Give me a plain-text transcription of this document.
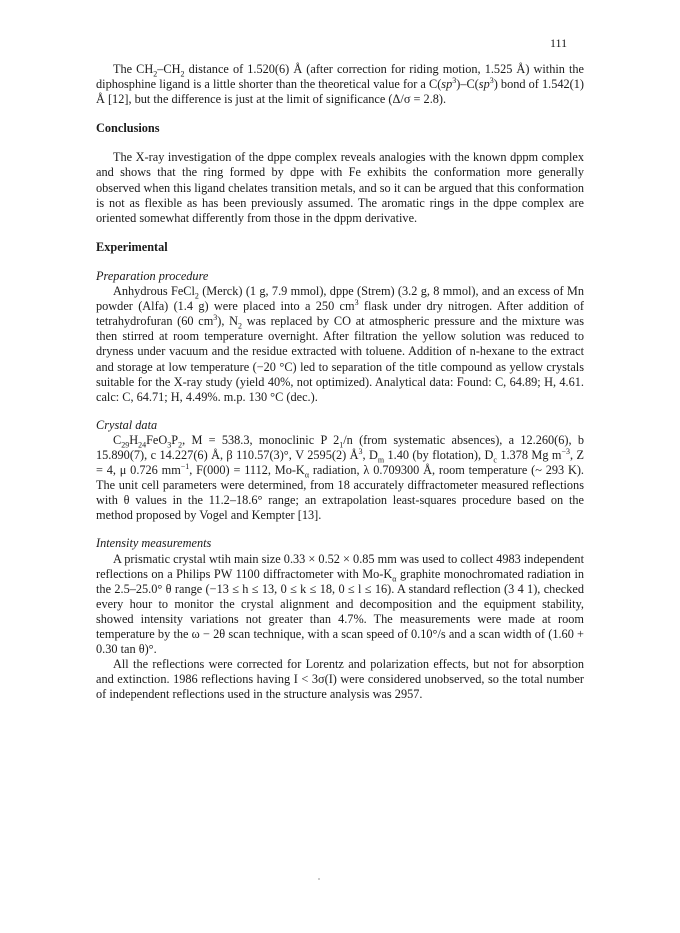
111

The $CH_2-CH_2$ distance of 1.520(6) Å (after correction for riding motion, 1.525 Å) within the diphosphine ligand is a little shorter than the theoretical value for a $C(sp^3)-C(sp^3)$ bond of 1.542(1) Å [12], but the difference is just at the limit of significance (Δ/σ = 2.8).

Conclusions

The X-ray investigation of the dppe complex reveals analogies with the known dppm complex and shows that the ring formed by dppe with Fe exhibits the conformation more generally observed when this ligand chelates transition metals, and so it can be argued that this conformation is not as flexible as has been previously assumed. The aromatic rings in the dppe complex are oriented somewhat differently from those in the dppm derivative.

Experimental

Preparation procedure

Anhydrous FeCl$_2$ (Merck) (1 g, 7.9 mmol), dppe (Strem) (3.2 g, 8 mmol), and an excess of Mn powder (Alfa) (1.4 g) were placed into a 250 $cm^3$ flask under dry nitrogen. After addition of tetrahydrofuran (60 $cm^3$), $N_2$ was replaced by CO at atmospheric pressure and the mixture was then stirred at room temperature overnight. After filtration the yellow solution was reduced to dryness under vacuum and the residue extracted with toluene. Addition of n-hexane to the extract and storage at low temperature (−20 °C) led to separation of the title compound as yellow crystals suitable for the X-ray study (yield 40%, not optimized). Analytical data: Found: C, 64.89; H, 4.61. calc: C, 64.71; H, 4.49%. m.p. 130 °C (dec.).

Crystal data

$C_{29}H_{24}FeO_3P_2$, M = 538.3, monoclinic P $2_1/n$ (from systematic absences), a 12.260(6), b 15.890(7), c 14.227(6) Å, β 110.57(3)°, V 2595(2) $Å^3$, $D_m$ 1.40 (by flotation), $D_c$ 1.378 Mg $m^{-3}$, Z = 4, μ 0.726 $mm^{-1}$, F(000) = 1112, $Mo-K_\alpha$ radiation, λ 0.709300 Å, room temperature (~ 293 K). The unit cell parameters were determined, from 18 accurately diffractometer measured reflections with θ values in the 11.2–18.6° range; an extrapolation least-squares procedure based on the method proposed by Vogel and Kempter [13].

Intensity measurements

A prismatic crystal wtih main size 0.33 × 0.52 × 0.85 mm was used to collect 4983 independent reflections on a Philips PW 1100 diffractometer with $Mo-K_\alpha$ graphite monochromated radiation in the 2.5–25.0° θ range (−13 ≤ h ≤ 13, 0 ≤ k ≤ 18, 0 ≤ l ≤ 16). A standard reflection (3 4 1), checked every hour to monitor the crystal alignment and decomposition and the equipment stability, showed intensity variations not greater than 4.7%. The measurements were made at room temperature by the ω − 2θ scan technique, with a scan speed of 0.10°/s and a scan width of (1.60 + 0.30 tan θ)°.

All the reflections were corrected for Lorentz and polarization effects, but not for absorption and extinction. 1986 reflections having I < 3σ(I) were considered unobserved, so the total number of independent reflections used in the structure analysis was 2957.
